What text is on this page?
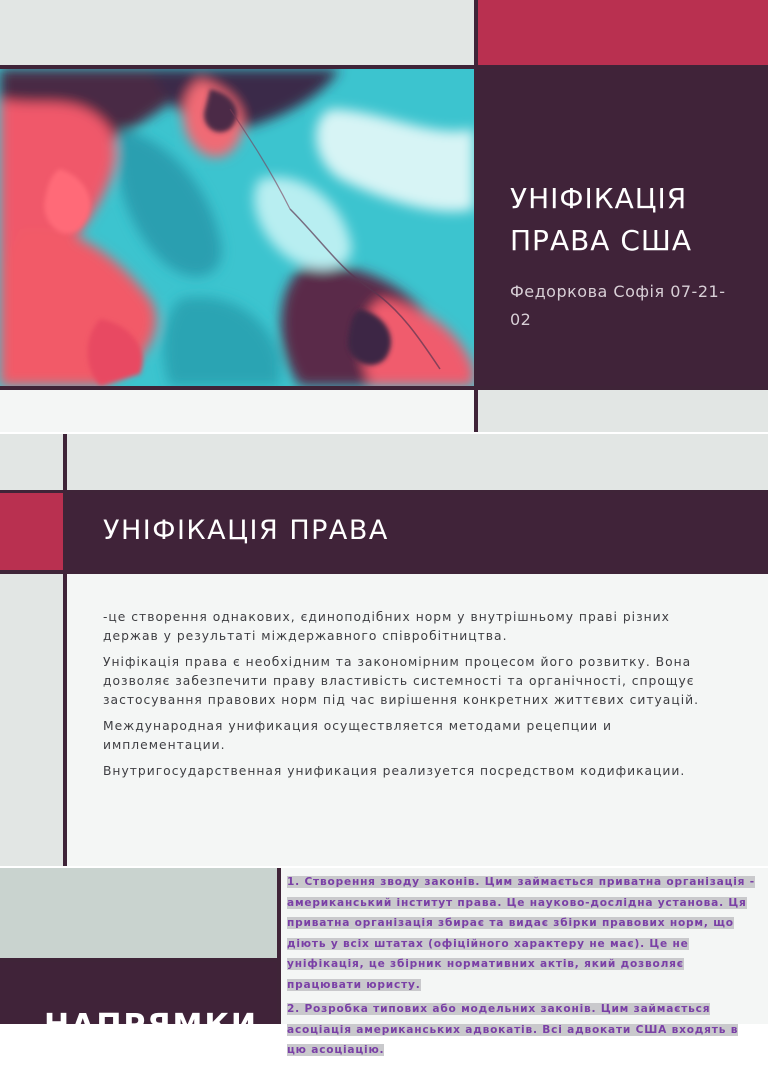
УНІФІКАЦІЯ
ПРАВА США
Федоркова Софія 07-21-
02
УНІФІКАЦІЯ ПРАВА

-це створення однакових, єдиноподібних норм у внутрішньому праві різних держав у результаті міждержавного співробітництва.

Уніфікація права є необхідним та закономірним процесом його розвитку. Вона дозволяє забезпечити праву властивість системності та органічності, спрощує застосування правових норм під час вирішення конкретних життєвих ситуацій.

Международная унификация осуществляется методами рецепции и имплементации.

Внутригосударственная унификация реализуется посредством кодификации.

НАПРЯМКИ

1. Створення зводу законів. Цим займається приватна організація - американський інститут права. Це науково-дослідна установа. Ця приватна організація збирає та видає збірки правових норм, що діють у всіх штатах (офіційного характеру не має). Це не уніфікація, це збірник нормативних актів, який дозволяє працювати юристу.

2. Розробка типових або модельних законів. Цим займається асоціація американських адвокатів. Всі адвокати США входять в цю асоціацію.
